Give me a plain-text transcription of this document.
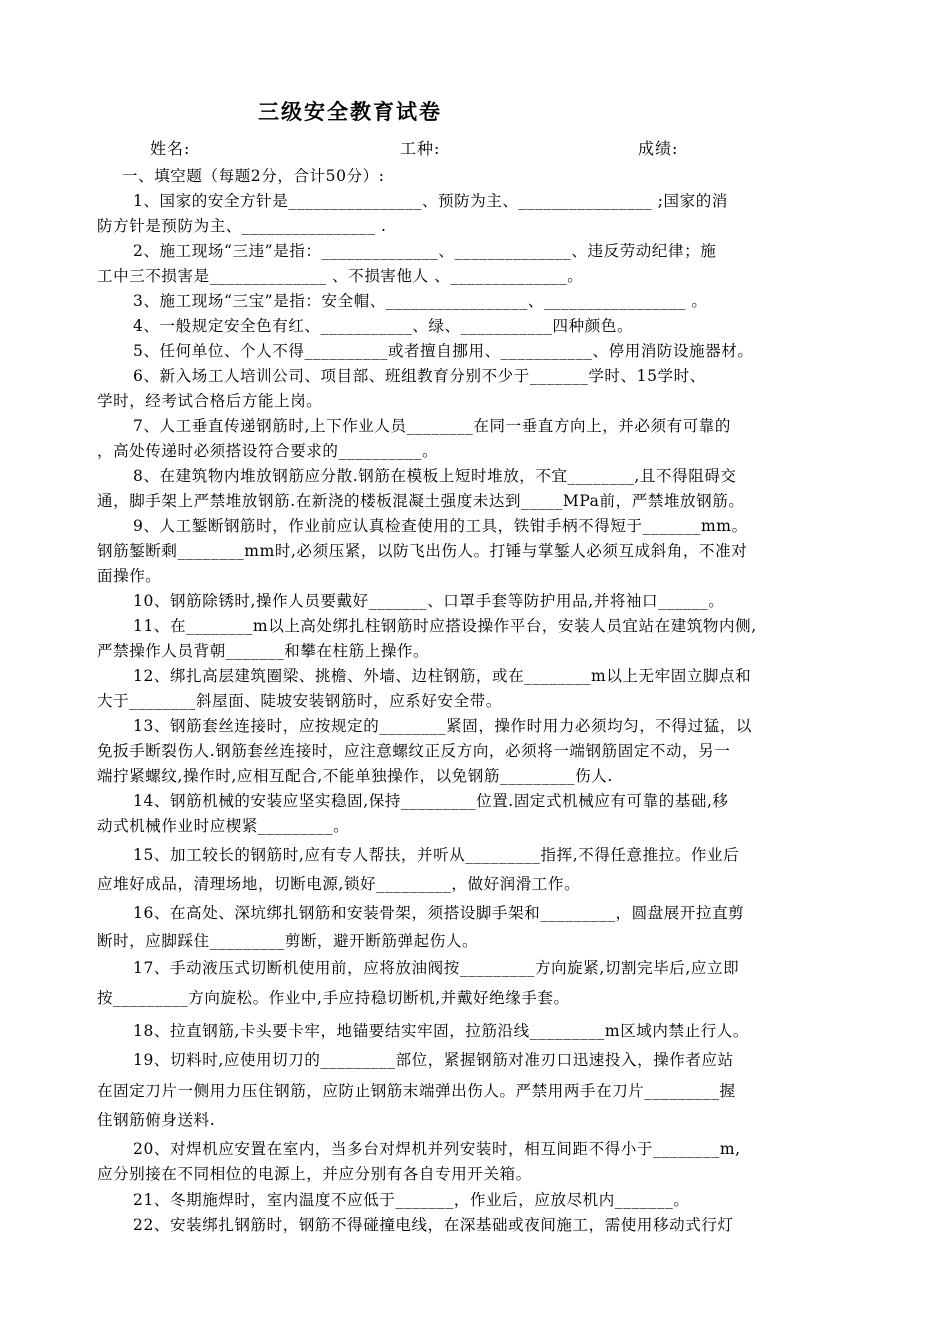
三级安全教育试卷
姓名:	工种:	成绩:
一、填空题（每题2分，合计50分）:
1、国家的安全方针是________________、预防为主、________________ ;国家的消
防方针是预防为主、________________ .
2、施工现场“三违”是指：______________、______________、违反劳动纪律；施
工中三不损害是______________ 、不损害他人 、______________。
3、施工现场“三宝”是指：安全帽、_________________、_________________ 。
4、一般规定安全色有红、___________、绿、___________四种颜色。
5、任何单位、个人不得__________或者擅自挪用、___________、停用消防设施器材。
6、新入场工人培训公司、项目部、班组教育分别不少于_______学时、15学时、
学时，经考试合格后方能上岗。
7、人工垂直传递钢筋时,上下作业人员________在同一垂直方向上，并必须有可靠的
，高处传递时必须搭设符合要求的__________。
8、在建筑物内堆放钢筋应分散.钢筋在模板上短时堆放，不宜________,且不得阻碍交
通，脚手架上严禁堆放钢筋.在新浇的楼板混凝土强度未达到_____MPa前，严禁堆放钢筋。
9、人工錾断钢筋时，作业前应认真检查使用的工具，铁钳手柄不得短于_______mm。
钢筋錾断剩________mm时,必须压紧，以防飞出伤人。打锤与掌錾人必须互成斜角，不准对
面操作。
10、钢筋除锈时,操作人员要戴好_______、口罩手套等防护用品,并将袖口______。
11、在________m以上高处绑扎柱钢筋时应搭设操作平台，安装人员宜站在建筑物内侧,
严禁操作人员背朝_______和攀在柱筋上操作。
12、绑扎高层建筑圈梁、挑檐、外墙、边柱钢筋，或在________m以上无牢固立脚点和
大于________斜屋面、陡坡安装钢筋时，应系好安全带。
13、钢筋套丝连接时，应按规定的________紧固，操作时用力必须均匀，不得过猛，以
免扳手断裂伤人.钢筋套丝连接时，应注意螺纹正反方向，必须将一端钢筋固定不动，另一
端拧紧螺纹,操作时,应相互配合,不能单独操作，以免钢筋_________伤人.
14、钢筋机械的安装应坚实稳固,保持_________位置.固定式机械应有可靠的基础,移
动式机械作业时应楔紧_________。
15、加工较长的钢筋时,应有专人帮扶，并听从_________指挥,不得任意推拉。作业后
应堆好成品，清理场地，切断电源,锁好_________，做好润滑工作。
16、在高处、深坑绑扎钢筋和安装骨架，须搭设脚手架和_________，圆盘展开拉直剪
断时，应脚踩住_________剪断，避开断筋弹起伤人。
17、手动液压式切断机使用前，应将放油阀按_________方向旋紧,切割完毕后,应立即
按_________方向旋松。作业中,手应持稳切断机,并戴好绝缘手套。
18、拉直钢筋,卡头要卡牢，地锚要结实牢固，拉筋沿线_________m区域内禁止行人。
19、切料时,应使用切刀的_________部位，紧握钢筋对准刃口迅速投入，操作者应站
在固定刀片一侧用力压住钢筋，应防止钢筋末端弹出伤人。严禁用两手在刀片_________握
住钢筋俯身送料.
20、对焊机应安置在室内，当多台对焊机并列安装时，相互间距不得小于________m,
应分别接在不同相位的电源上，并应分别有各自专用开关箱。
21、冬期施焊时，室内温度不应低于_______，作业后，应放尽机内_______。
22、安装绑扎钢筋时，钢筋不得碰撞电线，在深基础或夜间施工，需使用移动式行灯
